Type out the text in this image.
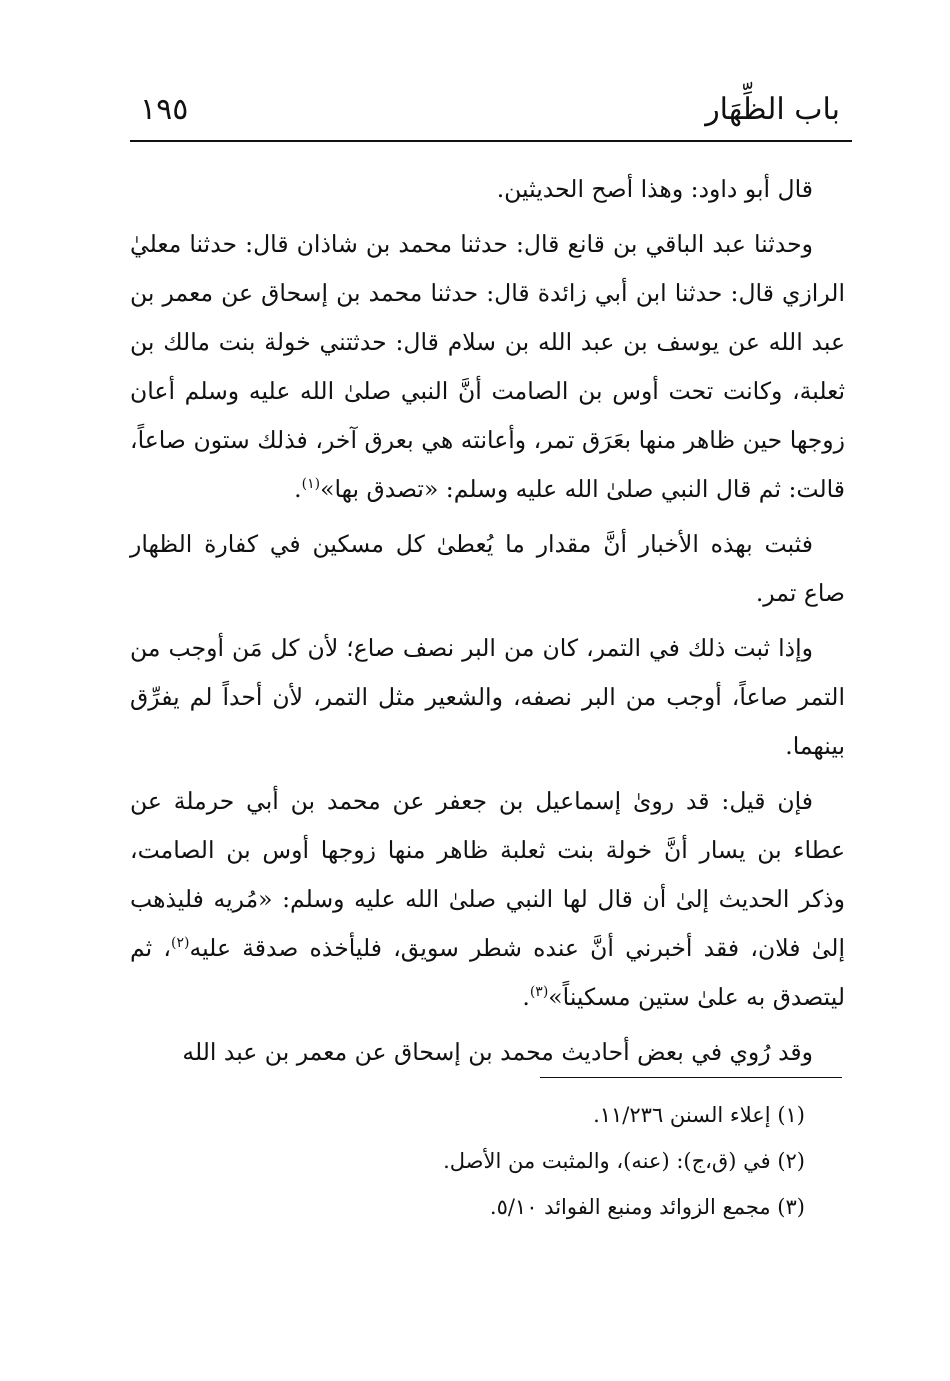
باب الظِّهَار
١٩٥

قال أبو داود: وهذا أصح الحديثين.

وحدثنا عبد الباقي بن قانع قال: حدثنا محمد بن شاذان قال: حدثنا معليٰ الرازي قال: حدثنا ابن أبي زائدة قال: حدثنا محمد بن إسحاق عن معمر بن عبد الله عن يوسف بن عبد الله بن سلام قال: حدثتني خولة بنت مالك بن ثعلبة، وكانت تحت أوس بن الصامت أنَّ النبي صلىٰ الله عليه وسلم أعان زوجها حين ظاهر منها بعَرَق تمر، وأعانته هي بعرق آخر، فذلك ستون صاعاً، قالت: ثم قال النبي صلىٰ الله عليه وسلم: «تصدق بها»$^{(١)}$.

فثبت بهذه الأخبار أنَّ مقدار ما يُعطىٰ كل مسكين في كفارة الظهار صاع تمر.

وإذا ثبت ذلك في التمر، كان من البر نصف صاع؛ لأن كل مَن أوجب من التمر صاعاً، أوجب من البر نصفه، والشعير مثل التمر، لأن أحداً لم يفرِّق بينهما.

فإن قيل: قد روىٰ إسماعيل بن جعفر عن محمد بن أبي حرملة عن عطاء بن يسار أنَّ خولة بنت ثعلبة ظاهر منها زوجها أوس بن الصامت، وذكر الحديث إلىٰ أن قال لها النبي صلىٰ الله عليه وسلم: «مُريه فليذهب إلىٰ فلان، فقد أخبرني أنَّ عنده شطر سويق، فليأخذه صدقة عليه$^{(٢)}$، ثم ليتصدق به علىٰ ستين مسكيناً»$^{(٣)}$.

وقد رُوي في بعض أحاديث محمد بن إسحاق عن معمر بن عبد الله

(١) إعلاء السنن ١١/٢٣٦.

(٢) في (ق،ج): (عنه)، والمثبت من الأصل.

(٣) مجمع الزوائد ومنبع الفوائد ٥/١٠.
